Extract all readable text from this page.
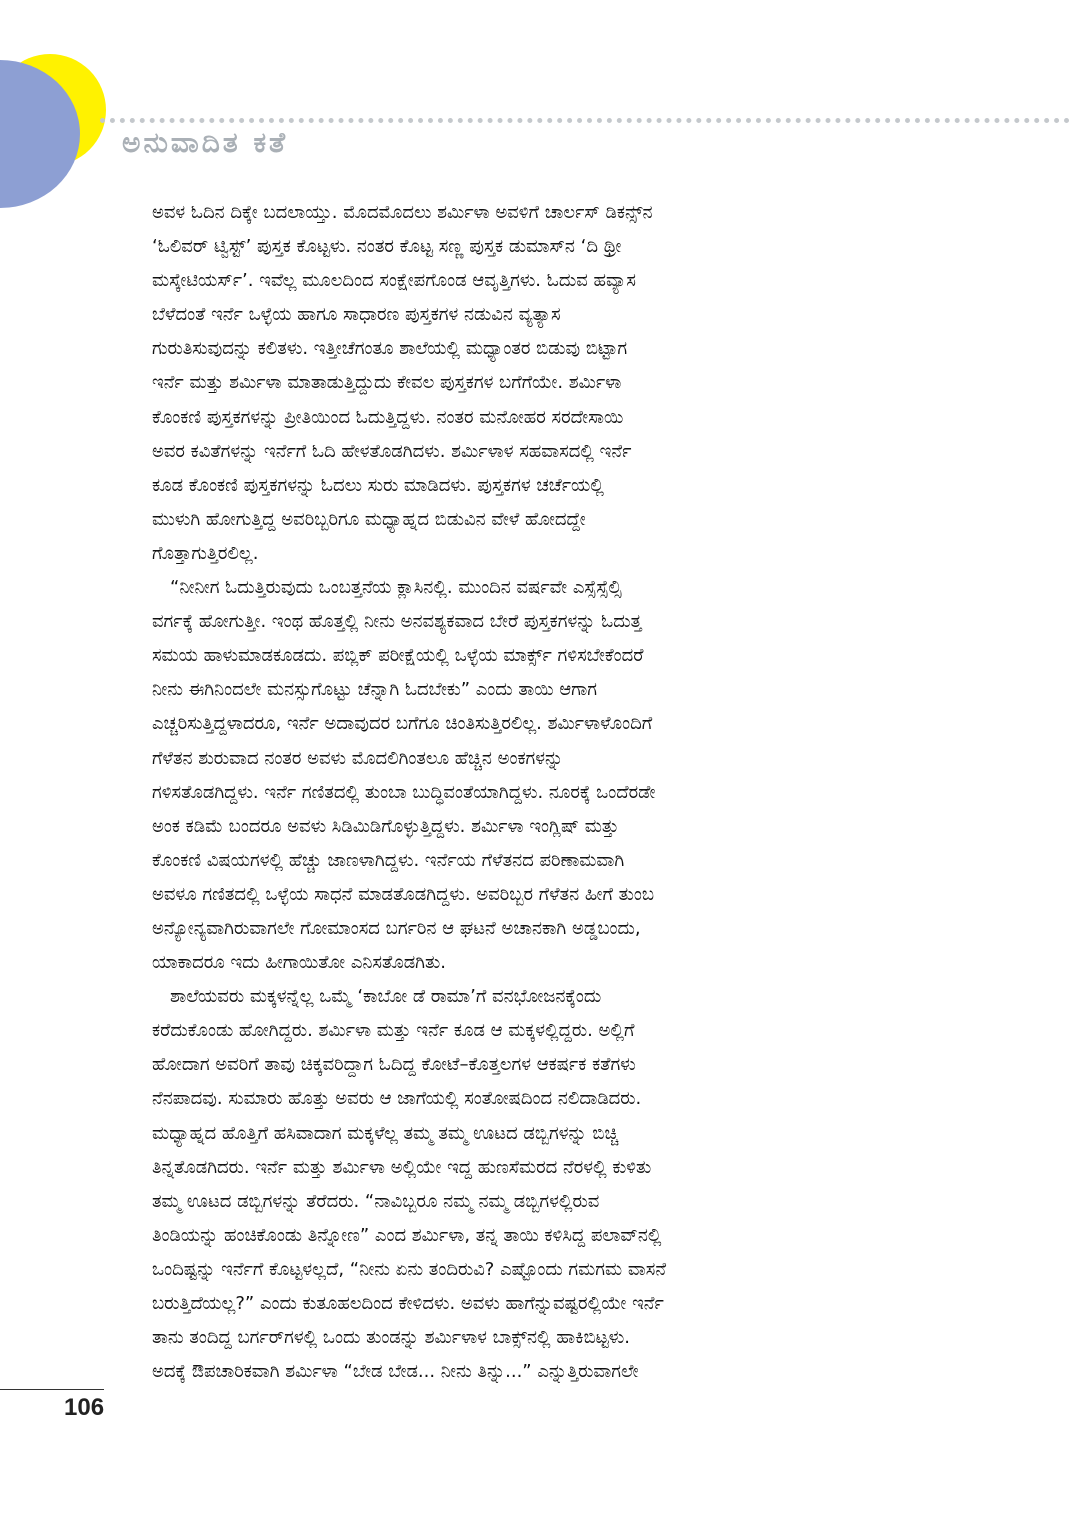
ಅನುವಾದಿತ ಕತೆ
ಅವಳ ಓದಿನ ದಿಕ್ಕೇ ಬದಲಾಯ್ತು. ಮೊದಮೊದಲು ಶರ್ಮಿಳಾ ಅವಳಿಗೆ ಚಾರ್ಲಸ್ ಡಿಕನ್ಸ್‌ನ
‘ಓಲಿವರ್ ಟ್ವಿಸ್ಟ್’ ಪುಸ್ತಕ ಕೊಟ್ಟಳು. ನಂತರ ಕೊಟ್ಟ ಸಣ್ಣ ಪುಸ್ತಕ ಡುಮಾಸ್‌ನ ‘ದಿ ಥ್ರೀ
ಮಸ್ಕೇಟಿಯರ್ಸ್’. ಇವೆಲ್ಲ ಮೂಲದಿಂದ ಸಂಕ್ಷೇಪಗೊಂಡ ಆವೃತ್ತಿಗಳು. ಓದುವ ಹವ್ಯಾಸ
ಬೆಳೆದಂತೆ ಇರ್ನೆ ಒಳ್ಳೆಯ ಹಾಗೂ ಸಾಧಾರಣ ಪುಸ್ತಕಗಳ ನಡುವಿನ ವ್ಯತ್ಯಾಸ
ಗುರುತಿಸುವುದನ್ನು ಕಲಿತಳು. ಇತ್ತೀಚೆಗಂತೂ ಶಾಲೆಯಲ್ಲಿ ಮಧ್ಯಾಂತರ ಬಿಡುವು ಬಿಟ್ಟಾಗ
ಇರ್ನೆ ಮತ್ತು ಶರ್ಮಿಳಾ ಮಾತಾಡುತ್ತಿದ್ದುದು ಕೇವಲ ಪುಸ್ತಕಗಳ ಬಗೆಗೆಯೇ. ಶರ್ಮಿಳಾ
ಕೊಂಕಣಿ ಪುಸ್ತಕಗಳನ್ನು ಪ್ರೀತಿಯಿಂದ ಓದುತ್ತಿದ್ದಳು. ನಂತರ ಮನೋಹರ ಸರದೇಸಾಯಿ
ಅವರ ಕವಿತೆಗಳನ್ನು ಇರ್ನೆಗೆ ಓದಿ ಹೇಳತೊಡಗಿದಳು. ಶರ್ಮಿಳಾಳ ಸಹವಾಸದಲ್ಲಿ ಇರ್ನೆ
ಕೂಡ ಕೊಂಕಣಿ ಪುಸ್ತಕಗಳನ್ನು ಓದಲು ಸುರು ಮಾಡಿದಳು. ಪುಸ್ತಕಗಳ ಚರ್ಚೆಯಲ್ಲಿ
ಮುಳುಗಿ ಹೋಗುತ್ತಿದ್ದ ಅವರಿಬ್ಬರಿಗೂ ಮಧ್ಯಾಹ್ನದ ಬಿಡುವಿನ ವೇಳೆ ಹೋದದ್ದೇ
ಗೊತ್ತಾಗುತ್ತಿರಲಿಲ್ಲ.
“ನೀನೀಗ ಓದುತ್ತಿರುವುದು ಒಂಬತ್ತನೆಯ ಕ್ಲಾಸಿನಲ್ಲಿ. ಮುಂದಿನ ವರ್ಷವೇ ಎಸ್ಸೆಸ್ಸೆಲ್ಸಿ
ವರ್ಗಕ್ಕೆ ಹೋಗುತ್ತೀ. ಇಂಥ ಹೊತ್ತಲ್ಲಿ ನೀನು ಅನವಶ್ಯಕವಾದ ಬೇರೆ ಪುಸ್ತಕಗಳನ್ನು ಓದುತ್ತ
ಸಮಯ ಹಾಳುಮಾಡಕೂಡದು. ಪಬ್ಲಿಕ್ ಪರೀಕ್ಷೆಯಲ್ಲಿ ಒಳ್ಳೆಯ ಮಾರ್ಕ್ಸ್ ಗಳಿಸಬೇಕೆಂದರೆ
ನೀನು ಈಗಿನಿಂದಲೇ ಮನಸ್ಸುಗೊಟ್ಟು ಚೆನ್ನಾಗಿ ಓದಬೇಕು” ಎಂದು ತಾಯಿ ಆಗಾಗ
ಎಚ್ಚರಿಸುತ್ತಿದ್ದಳಾದರೂ, ಇರ್ನೆ ಅದಾವುದರ ಬಗೆಗೂ ಚಿಂತಿಸುತ್ತಿರಲಿಲ್ಲ. ಶರ್ಮಿಳಾಳೊಂದಿಗೆ
ಗೆಳೆತನ ಶುರುವಾದ ನಂತರ ಅವಳು ಮೊದಲಿಗಿಂತಲೂ ಹೆಚ್ಚಿನ ಅಂಕಗಳನ್ನು
ಗಳಿಸತೊಡಗಿದ್ದಳು. ಇರ್ನೆ ಗಣಿತದಲ್ಲಿ ತುಂಬಾ ಬುದ್ಧಿವಂತೆಯಾಗಿದ್ದಳು. ನೂರಕ್ಕೆ ಒಂದೆರಡೇ
ಅಂಕ ಕಡಿಮೆ ಬಂದರೂ ಅವಳು ಸಿಡಿಮಿಡಿಗೊಳ್ಳುತ್ತಿದ್ದಳು. ಶರ್ಮಿಳಾ ಇಂಗ್ಲಿಷ್ ಮತ್ತು
ಕೊಂಕಣಿ ವಿಷಯಗಳಲ್ಲಿ ಹೆಚ್ಚು ಜಾಣಳಾಗಿದ್ದಳು. ಇರ್ನೆಯ ಗೆಳೆತನದ ಪರಿಣಾಮವಾಗಿ
ಅವಳೂ ಗಣಿತದಲ್ಲಿ ಒಳ್ಳೆಯ ಸಾಧನೆ ಮಾಡತೊಡಗಿದ್ದಳು. ಅವರಿಬ್ಬರ ಗೆಳೆತನ ಹೀಗೆ ತುಂಬ
ಅನ್ಯೋನ್ಯವಾಗಿರುವಾಗಲೇ ಗೋಮಾಂಸದ ಬರ್ಗರಿನ ಆ ಘಟನೆ ಅಚಾನಕಾಗಿ ಅಡ್ಡಬಂದು,
ಯಾಕಾದರೂ ಇದು ಹೀಗಾಯಿತೋ ಎನಿಸತೊಡಗಿತು.
ಶಾಲೆಯವರು ಮಕ್ಕಳನ್ನೆಲ್ಲ ಒಮ್ಮೆ ‘ಕಾಬೋ ಡೆ ರಾಮಾ’ಗೆ ವನಭೋಜನಕ್ಕೆಂದು
ಕರೆದುಕೊಂಡು ಹೋಗಿದ್ದರು. ಶರ್ಮಿಳಾ ಮತ್ತು ಇರ್ನೆ ಕೂಡ ಆ ಮಕ್ಕಳಲ್ಲಿದ್ದರು. ಅಲ್ಲಿಗೆ
ಹೋದಾಗ ಅವರಿಗೆ ತಾವು ಚಿಕ್ಕವರಿದ್ದಾಗ ಓದಿದ್ದ ಕೋಟೆ–ಕೊತ್ತಲಗಳ ಆಕರ್ಷಕ ಕತೆಗಳು
ನೆನಪಾದವು. ಸುಮಾರು ಹೊತ್ತು ಅವರು ಆ ಜಾಗೆಯಲ್ಲಿ ಸಂತೋಷದಿಂದ ನಲಿದಾಡಿದರು.
ಮಧ್ಯಾಹ್ನದ ಹೊತ್ತಿಗೆ ಹಸಿವಾದಾಗ ಮಕ್ಕಳೆಲ್ಲ ತಮ್ಮ ತಮ್ಮ ಊಟದ ಡಬ್ಬಿಗಳನ್ನು ಬಿಚ್ಚಿ
ತಿನ್ನತೊಡಗಿದರು. ಇರ್ನೆ ಮತ್ತು ಶರ್ಮಿಳಾ ಅಲ್ಲಿಯೇ ಇದ್ದ ಹುಣಸೆಮರದ ನೆರಳಲ್ಲಿ ಕುಳಿತು
ತಮ್ಮ ಊಟದ ಡಬ್ಬಿಗಳನ್ನು ತೆರೆದರು. “ನಾವಿಬ್ಬರೂ ನಮ್ಮ ನಮ್ಮ ಡಬ್ಬಿಗಳಲ್ಲಿರುವ
ತಿಂಡಿಯನ್ನು ಹಂಚಿಕೊಂಡು ತಿನ್ನೋಣ” ಎಂದ ಶರ್ಮಿಳಾ, ತನ್ನ ತಾಯಿ ಕಳಿಸಿದ್ದ ಪಲಾವ್‌ನಲ್ಲಿ
ಒಂದಿಷ್ಟನ್ನು ಇರ್ನೆಗೆ ಕೊಟ್ಟಳಲ್ಲದೆ, “ನೀನು ಏನು ತಂದಿರುವಿ? ಎಷ್ಟೊಂದು ಗಮಗಮ ವಾಸನೆ
ಬರುತ್ತಿದೆಯಲ್ಲ?” ಎಂದು ಕುತೂಹಲದಿಂದ ಕೇಳಿದಳು. ಅವಳು ಹಾಗೆನ್ನುವಷ್ಟರಲ್ಲಿಯೇ ಇರ್ನೆ
ತಾನು ತಂದಿದ್ದ ಬರ್ಗರ್‌ಗಳಲ್ಲಿ ಒಂದು ತುಂಡನ್ನು ಶರ್ಮಿಳಾಳ ಬಾಕ್ಸ್‌ನಲ್ಲಿ ಹಾಕಿಬಿಟ್ಟಳು.
ಅದಕ್ಕೆ ಔಪಚಾರಿಕವಾಗಿ ಶರ್ಮಿಳಾ “ಬೇಡ ಬೇಡ... ನೀನು ತಿನ್ನು...” ಎನ್ನುತ್ತಿರುವಾಗಲೇ
106
